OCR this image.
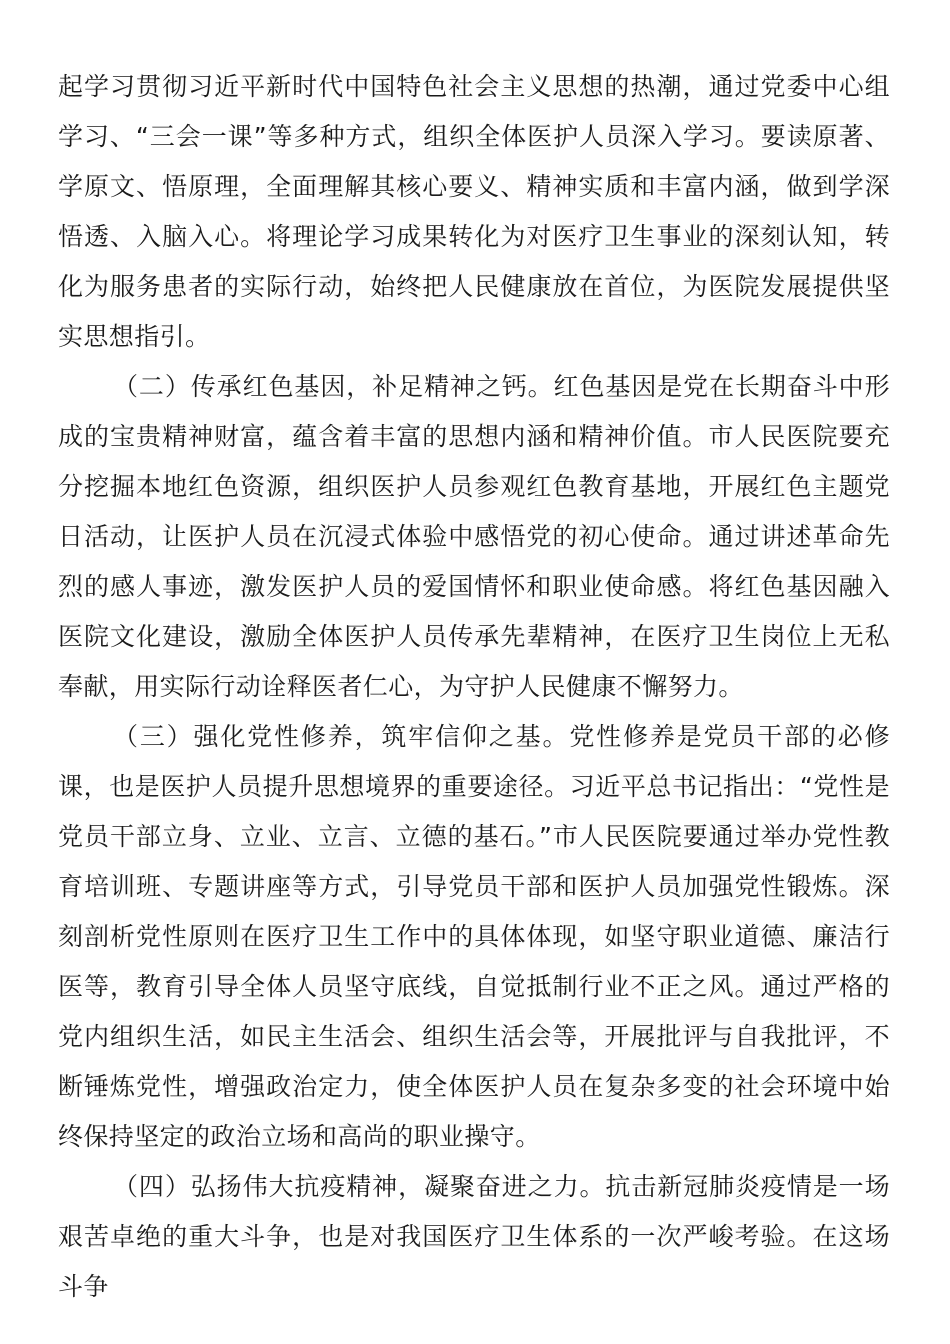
起学习贯彻习近平新时代中国特色社会主义思想的热潮，通过党委中心组学习、“三会一课”等多种方式，组织全体医护人员深入学习。要读原著、学原文、悟原理，全面理解其核心要义、精神实质和丰富内涵，做到学深悟透、入脑入心。将理论学习成果转化为对医疗卫生事业的深刻认知，转化为服务患者的实际行动，始终把人民健康放在首位，为医院发展提供坚实思想指引。

（二）传承红色基因，补足精神之钙。红色基因是党在长期奋斗中形成的宝贵精神财富，蕴含着丰富的思想内涵和精神价值。市人民医院要充分挖掘本地红色资源，组织医护人员参观红色教育基地，开展红色主题党日活动，让医护人员在沉浸式体验中感悟党的初心使命。通过讲述革命先烈的感人事迹，激发医护人员的爱国情怀和职业使命感。将红色基因融入医院文化建设，激励全体医护人员传承先辈精神，在医疗卫生岗位上无私奉献，用实际行动诠释医者仁心，为守护人民健康不懈努力。

（三）强化党性修养，筑牢信仰之基。党性修养是党员干部的必修课，也是医护人员提升思想境界的重要途径。习近平总书记指出：“党性是党员干部立身、立业、立言、立德的基石。”市人民医院要通过举办党性教育培训班、专题讲座等方式，引导党员干部和医护人员加强党性锻炼。深刻剖析党性原则在医疗卫生工作中的具体体现，如坚守职业道德、廉洁行医等，教育引导全体人员坚守底线，自觉抵制行业不正之风。通过严格的党内组织生活，如民主生活会、组织生活会等，开展批评与自我批评，不断锤炼党性，增强政治定力，使全体医护人员在复杂多变的社会环境中始终保持坚定的政治立场和高尚的职业操守。

（四）弘扬伟大抗疫精神，凝聚奋进之力。抗击新冠肺炎疫情是一场艰苦卓绝的重大斗争，也是对我国医疗卫生体系的一次严峻考验。在这场斗争
